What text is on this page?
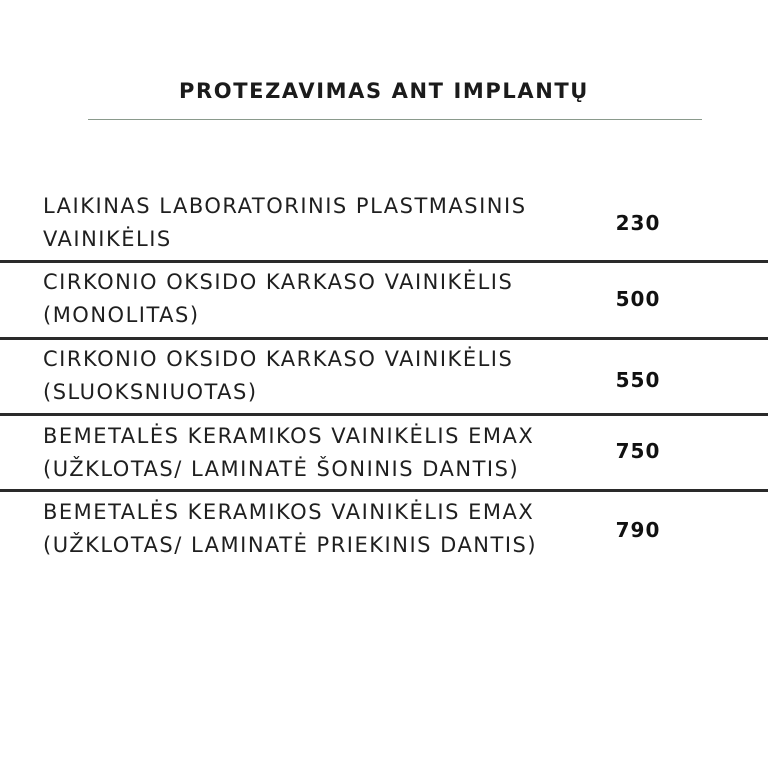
PROTEZAVIMAS ANT IMPLANTŲ
LAIKINAS LABORATORINIS PLASTMASINIS
VAINIKĖLIS
230
CIRKONIO OKSIDO KARKASO VAINIKĖLIS
(MONOLITAS)
500
CIRKONIO OKSIDO KARKASO VAINIKĖLIS
(SLUOKSNIUOTAS)	550
BEMETALĖS KERAMIKOS VAINIKĖLIS EMAX
(UŽKLOTAS/ LAMINATĖ ŠONINIS DANTIS)
750
BEMETALĖS KERAMIKOS VAINIKĖLIS EMAX
(UŽKLOTAS/ LAMINATĖ PRIEKINIS DANTIS)
790
